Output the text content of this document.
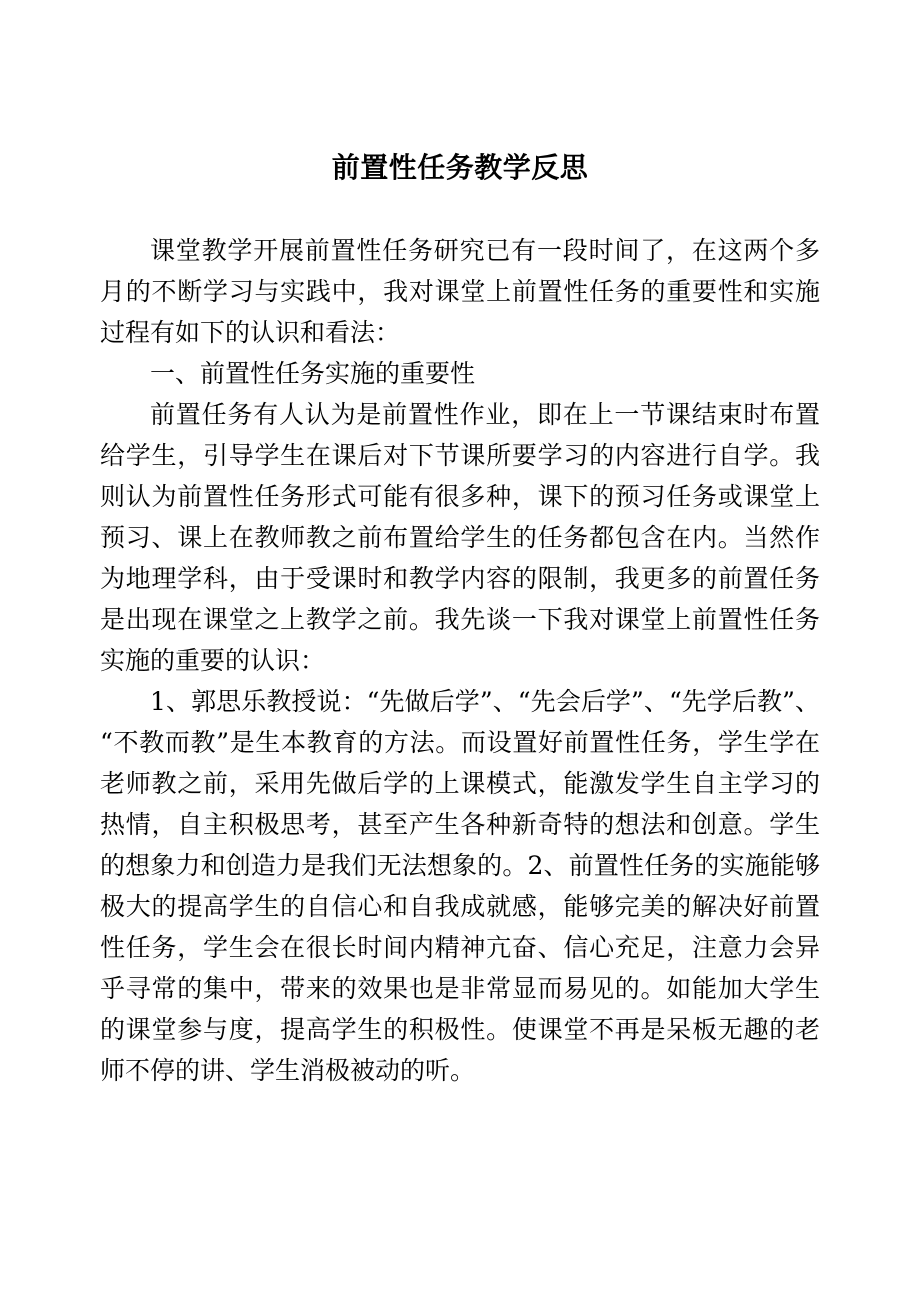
前置性任务教学反思

课堂教学开展前置性任务研究已有一段时间了，在这两个多月的不断学习与实践中，我对课堂上前置性任务的重要性和实施过程有如下的认识和看法：

一、前置性任务实施的重要性

前置任务有人认为是前置性作业，即在上一节课结束时布置给学生，引导学生在课后对下节课所要学习的内容进行自学。我则认为前置性任务形式可能有很多种，课下的预习任务或课堂上预习、课上在教师教之前布置给学生的任务都包含在内。当然作为地理学科，由于受课时和教学内容的限制，我更多的前置任务是出现在课堂之上教学之前。我先谈一下我对课堂上前置性任务实施的重要的认识：

1、郭思乐教授说：“先做后学”、“先会后学”、“先学后教”、“不教而教”是生本教育的方法。而设置好前置性任务，学生学在老师教之前，采用先做后学的上课模式，能激发学生自主学习的热情，自主积极思考，甚至产生各种新奇特的想法和创意。学生的想象力和创造力是我们无法想象的。2、前置性任务的实施能够极大的提高学生的自信心和自我成就感，能够完美的解决好前置性任务，学生会在很长时间内精神亢奋、信心充足，注意力会异乎寻常的集中，带来的效果也是非常显而易见的。如能加大学生的课堂参与度，提高学生的积极性。使课堂不再是呆板无趣的老师不停的讲、学生消极被动的听。
